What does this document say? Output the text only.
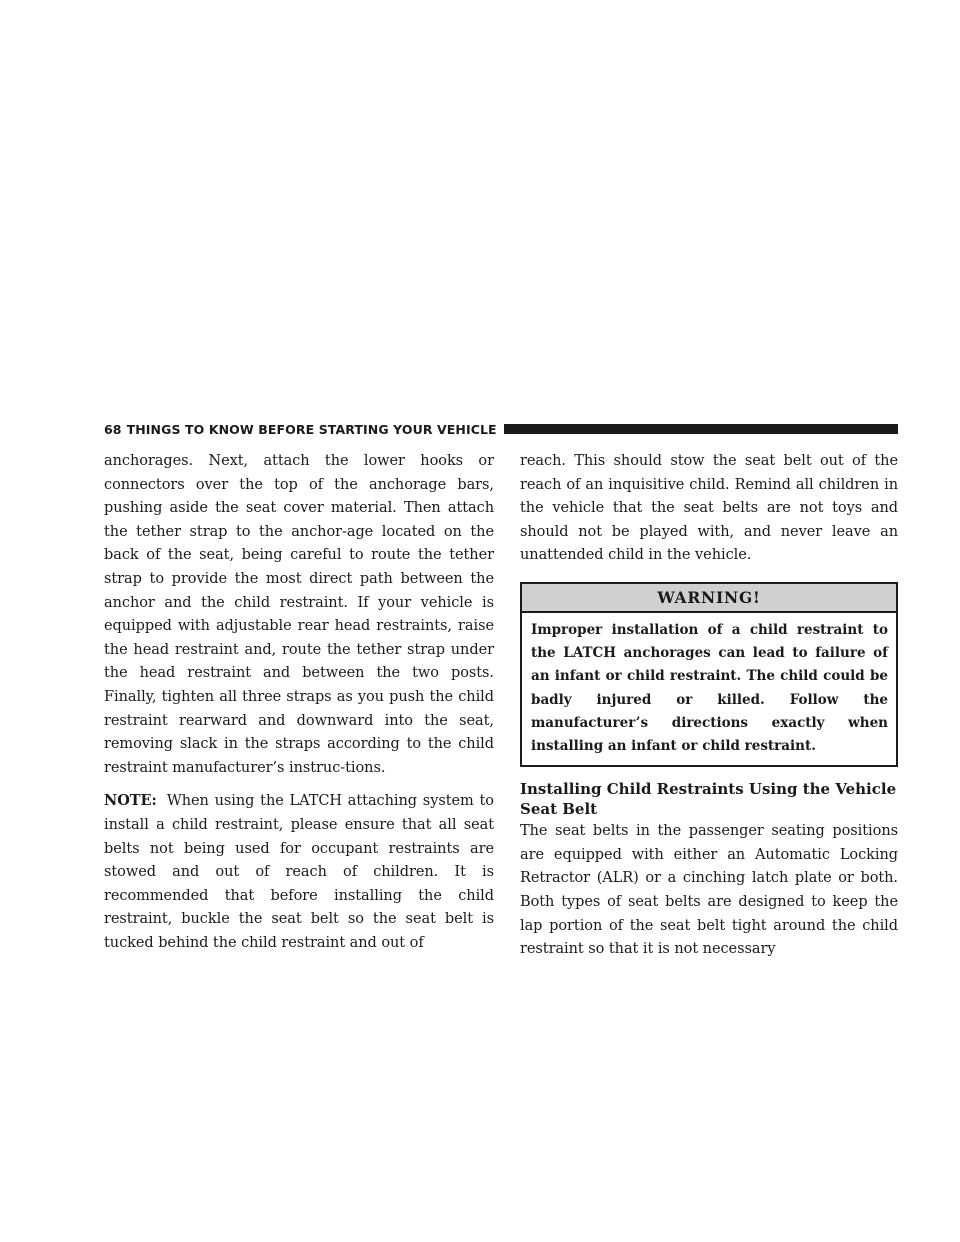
68 THINGS TO KNOW BEFORE STARTING YOUR VEHICLE

anchorages. Next, attach the lower hooks or connectors over the top of the anchorage bars, pushing aside the seat cover material. Then attach the tether strap to the anchor-age located on the back of the seat, being careful to route the tether strap to provide the most direct path between the anchor and the child restraint. If your vehicle is equipped with adjustable rear head restraints, raise the head restraint and, route the tether strap under the head restraint and between the two posts. Finally, tighten all three straps as you push the child restraint rearward and downward into the seat, removing slack in the straps according to the child restraint manufacturer’s instruc-tions.

NOTE: When using the LATCH attaching system to install a child restraint, please ensure that all seat belts not being used for occupant restraints are stowed and out of reach of children. It is recommended that before installing the child restraint, buckle the seat belt so the seat belt is tucked behind the child restraint and out of

reach. This should stow the seat belt out of the reach of an inquisitive child. Remind all children in the vehicle that the seat belts are not toys and should not be played with, and never leave an unattended child in the vehicle.

WARNING!
Improper installation of a child restraint to the LATCH anchorages can lead to failure of an infant or child restraint. The child could be badly injured or killed. Follow the manufacturer’s directions exactly when installing an infant or child restraint.
Installing Child Restraints Using the Vehicle Seat Belt

The seat belts in the passenger seating positions are equipped with either an Automatic Locking Retractor (ALR) or a cinching latch plate or both. Both types of seat belts are designed to keep the lap portion of the seat belt tight around the child restraint so that it is not necessary
